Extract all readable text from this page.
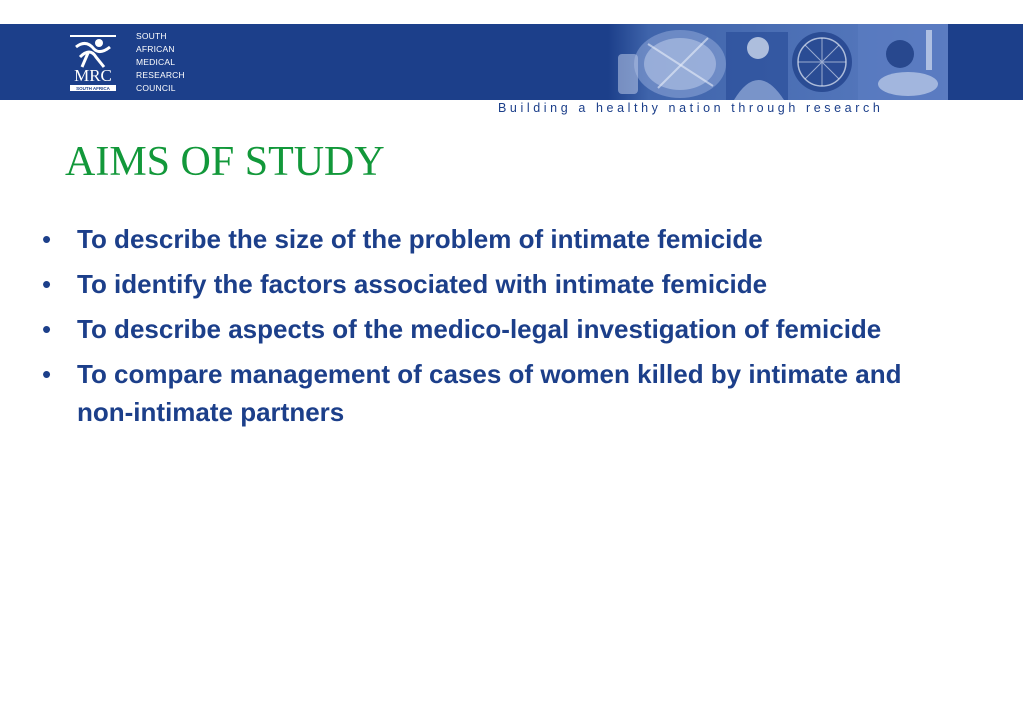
MRC
SOUTH AFRICA
SOUTH
AFRICAN
MEDICAL
RESEARCH
COUNCIL
Building a healthy nation through research
AIMS OF STUDY
• To describe the size of the problem of intimate femicide
• To identify the factors associated with intimate femicide
• To describe aspects of the medico-legal investigation of femicide
• To compare management of cases of women killed by intimate and non-intimate partners
